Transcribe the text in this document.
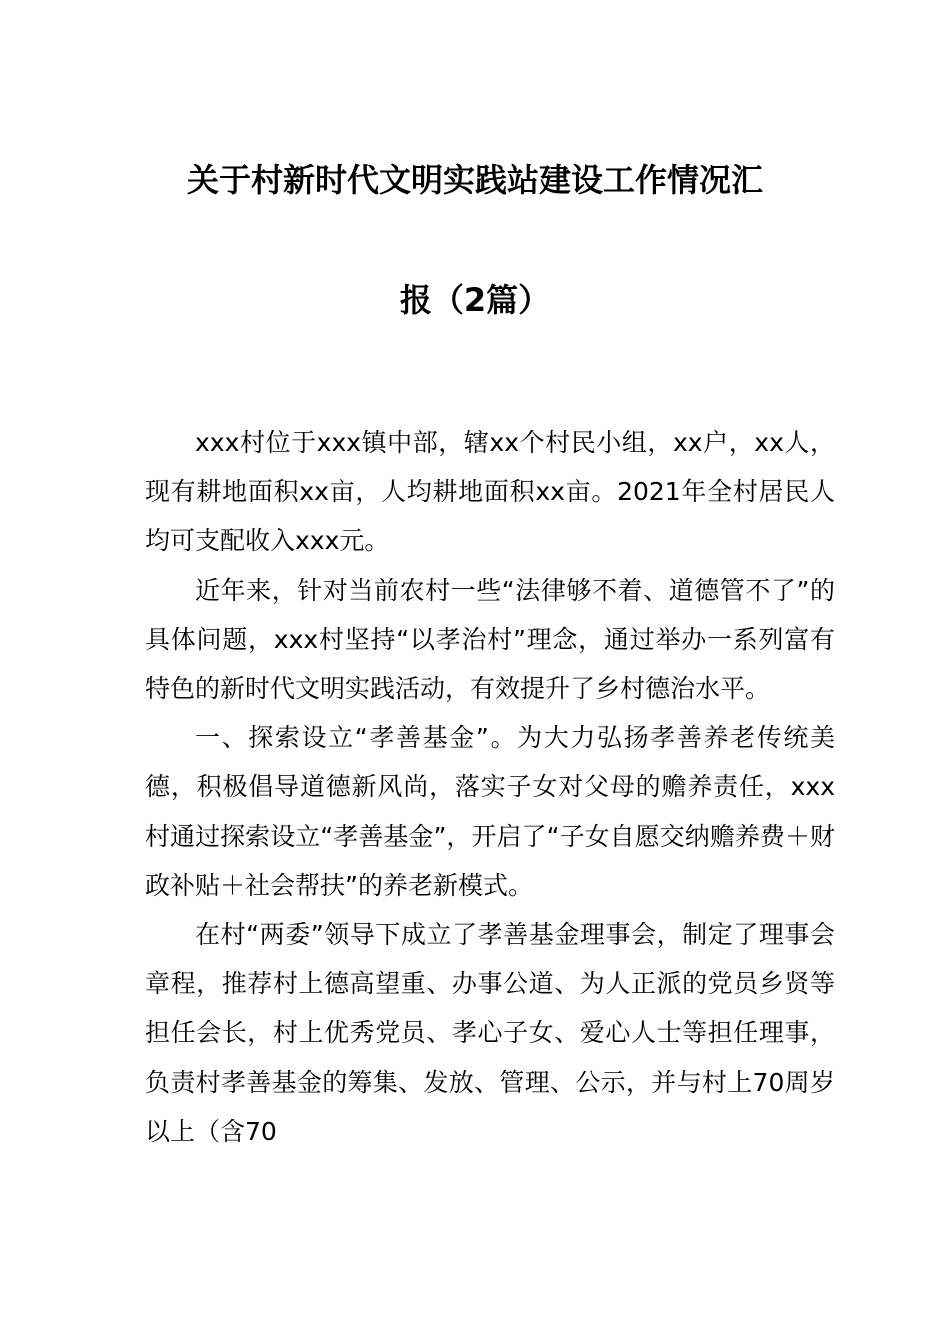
关于村新时代文明实践站建设工作情况汇
报（2篇）

xxx村位于xxx镇中部，辖xx个村民小组，xx户，xx人，现有耕地面积xx亩，人均耕地面积xx亩。2021年全村居民人均可支配收入xxx元。

近年来，针对当前农村一些“法律够不着、道德管不了”的具体问题，xxx村坚持“以孝治村”理念，通过举办一系列富有特色的新时代文明实践活动，有效提升了乡村德治水平。

一、探索设立“孝善基金”。为大力弘扬孝善养老传统美德，积极倡导道德新风尚，落实子女对父母的赡养责任，xxx村通过探索设立“孝善基金”，开启了“子女自愿交纳赡养费＋财政补贴＋社会帮扶”的养老新模式。

在村“两委”领导下成立了孝善基金理事会，制定了理事会章程，推荐村上德高望重、办事公道、为人正派的党员乡贤等担任会长，村上优秀党员、孝心子女、爱心人士等担任理事，负责村孝善基金的筹集、发放、管理、公示，并与村上70周岁以上（含70
